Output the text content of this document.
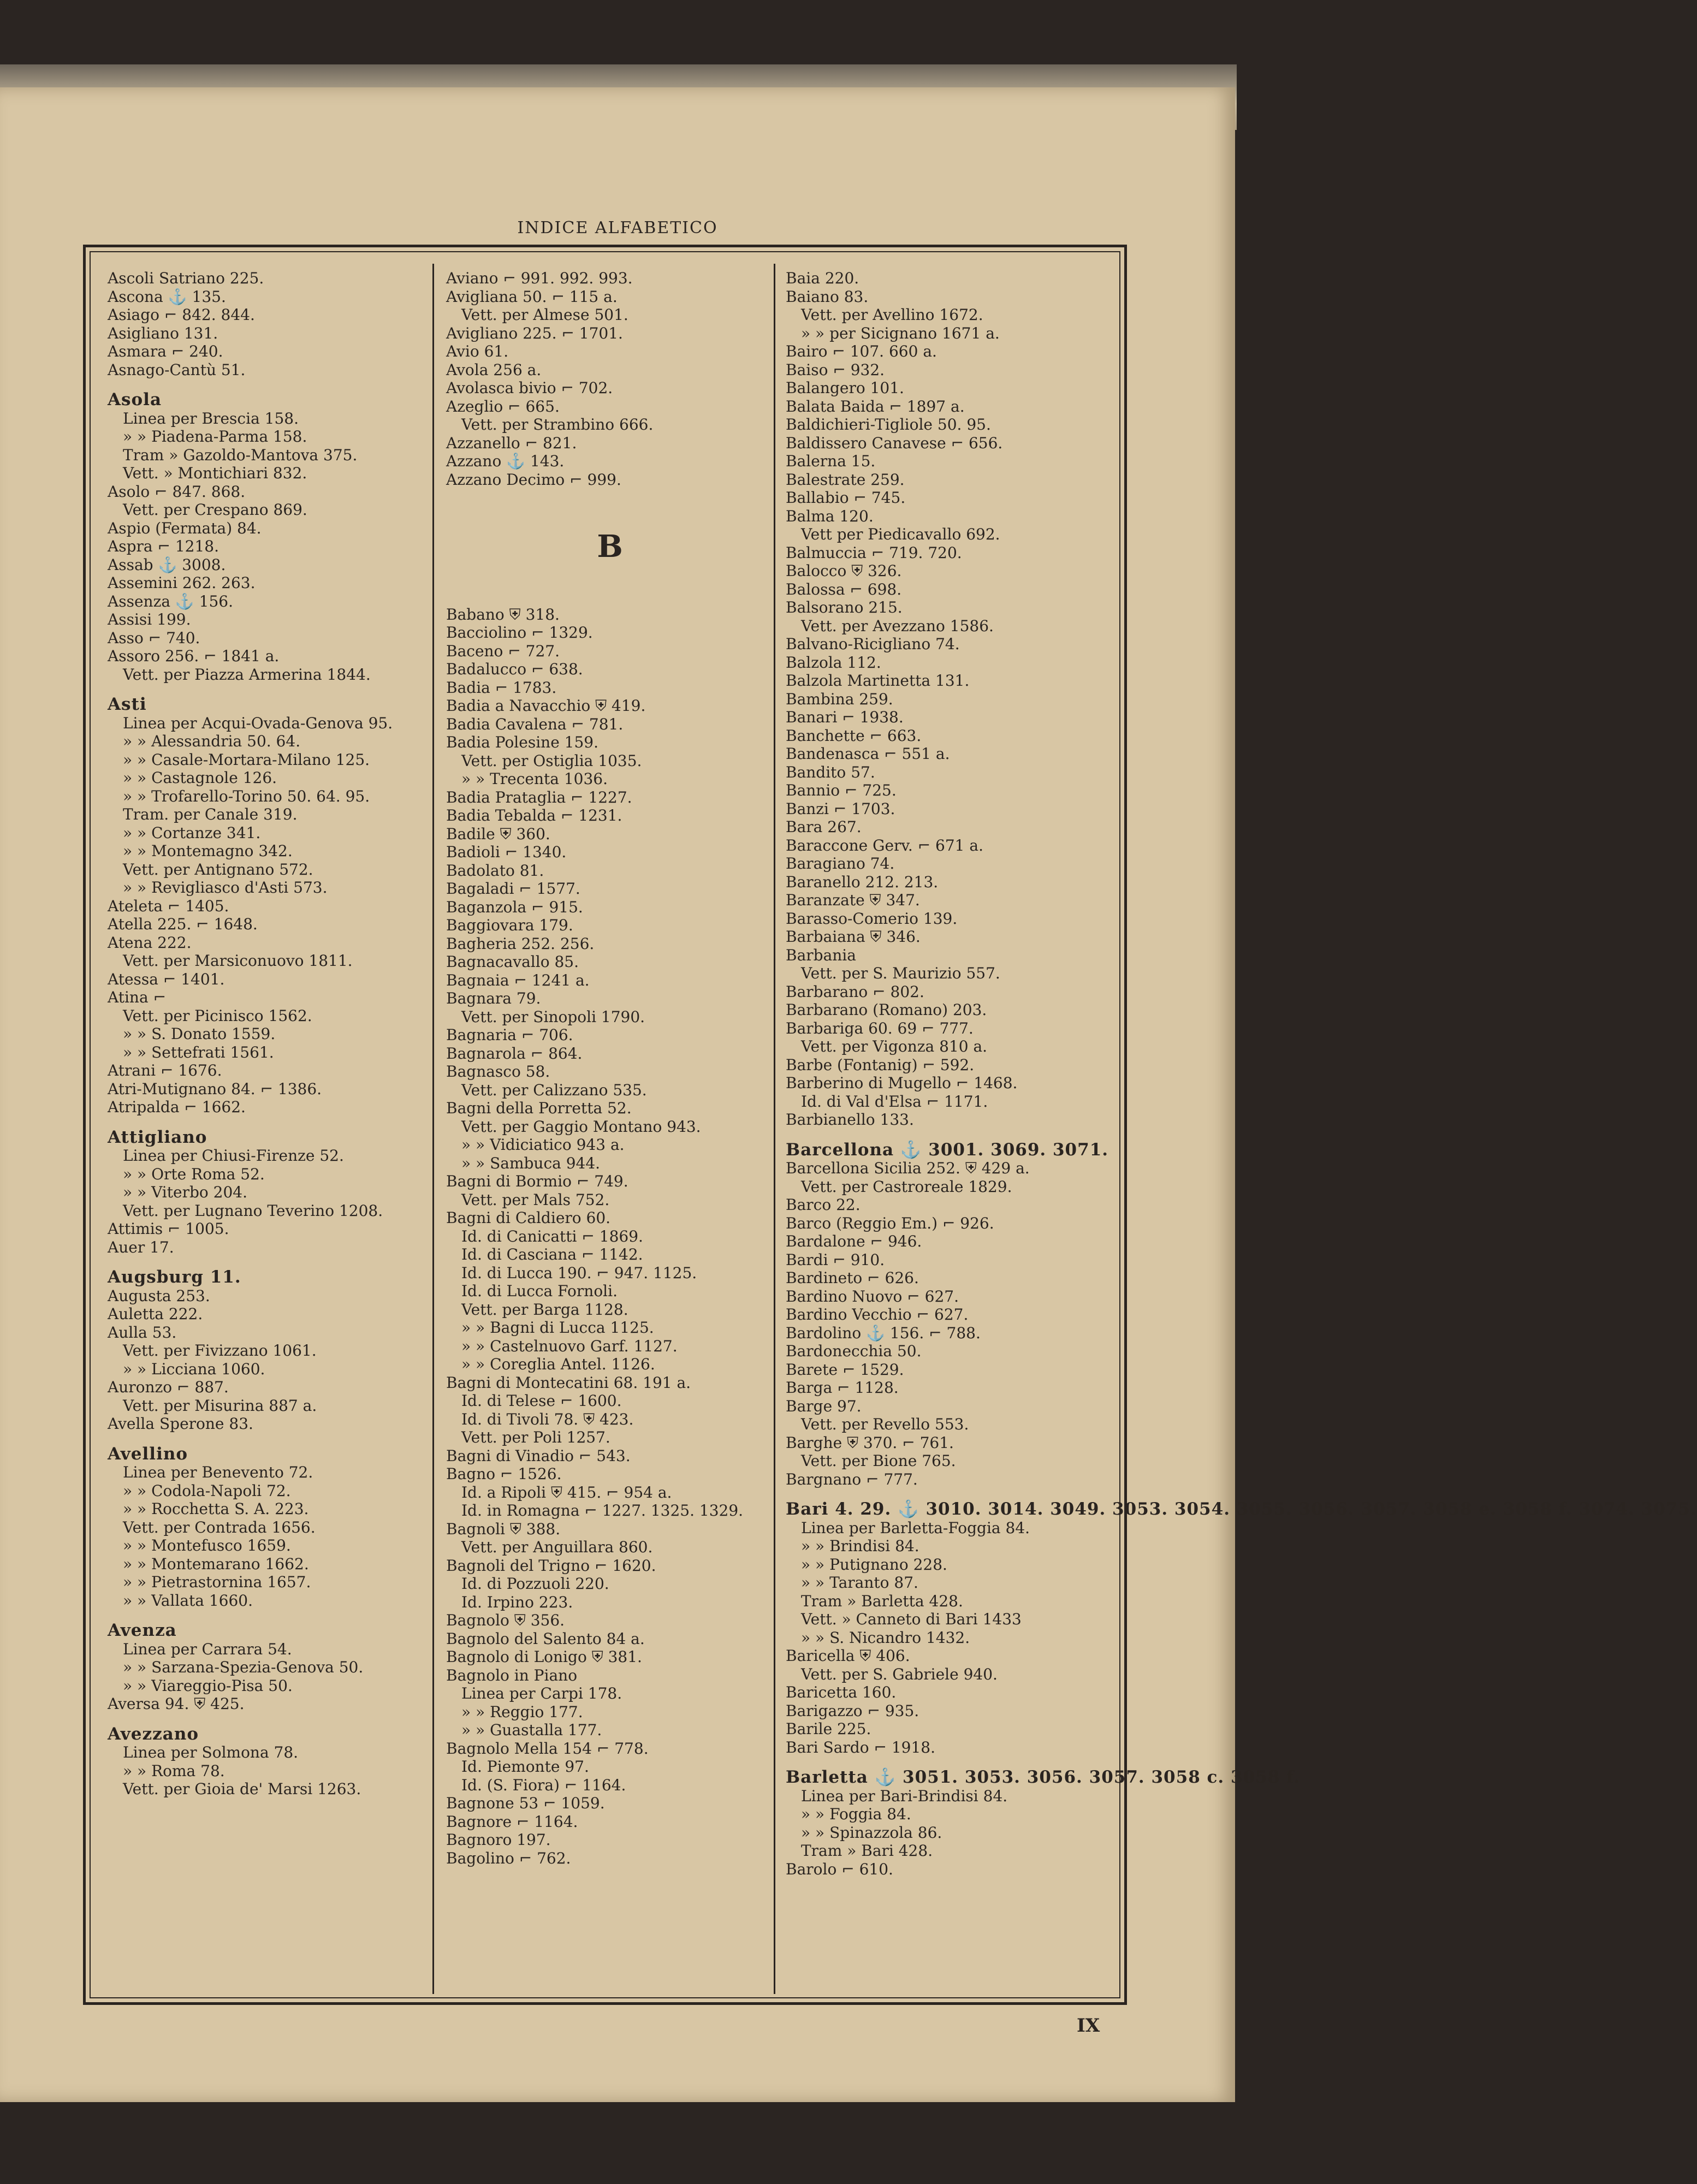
INDICE ALFABETICO
Ascoli Satriano 225.
Ascona ⚓ 135.
Asiago ⌐ 842. 844.
Asigliano 131.
Asmara ⌐ 240.
Asnago-Cantù 51.
Asola
Linea per Brescia 158.
» » Piadena-Parma 158.
Tram » Gazoldo-Mantova 375.
Vett. » Montichiari 832.
Asolo ⌐ 847. 868.
Vett. per Crespano 869.
Aspio (Fermata) 84.
Aspra ⌐ 1218.
Assab ⚓ 3008.
Assemini 262. 263.
Assenza ⚓ 156.
Assisi 199.
Asso ⌐ 740.
Assoro 256. ⌐ 1841 a.
Vett. per Piazza Armerina 1844.
Asti
Linea per Acqui-Ovada-Genova 95.
» » Alessandria 50. 64.
» » Casale-Mortara-Milano 125.
» » Castagnole 126.
» » Trofarello-Torino 50. 64. 95.
Tram. per Canale 319.
» » Cortanze 341.
» » Montemagno 342.
Vett. per Antignano 572.
» » Revigliasco d'Asti 573.
Ateleta ⌐ 1405.
Atella 225. ⌐ 1648.
Atena 222.
Vett. per Marsiconuovo 1811.
Atessa ⌐ 1401.
Atina ⌐
Vett. per Picinisco 1562.
» » S. Donato 1559.
» » Settefrati 1561.
Atrani ⌐ 1676.
Atri-Mutignano 84. ⌐ 1386.
Atripalda ⌐ 1662.
Attigliano
Linea per Chiusi-Firenze 52.
» » Orte Roma 52.
» » Viterbo 204.
Vett. per Lugnano Teverino 1208.
Attimis ⌐ 1005.
Auer 17.
Augsburg 11.
Augusta 253.
Auletta 222.
Aulla 53.
Vett. per Fivizzano 1061.
» » Licciana 1060.
Auronzo ⌐ 887.
Vett. per Misurina 887 a.
Avella Sperone 83.
Avellino
Linea per Benevento 72.
» » Codola-Napoli 72.
» » Rocchetta S. A. 223.
Vett. per Contrada 1656.
» » Montefusco 1659.
» » Montemarano 1662.
» » Pietrastornina 1657.
» » Vallata 1660.
Avenza
Linea per Carrara 54.
» » Sarzana-Spezia-Genova 50.
» » Viareggio-Pisa 50.
Aversa 94. ⛨ 425.
Avezzano
Linea per Solmona 78.
» » Roma 78.
Vett. per Gioia de' Marsi 1263.
Aviano ⌐ 991. 992. 993.
Avigliana 50. ⌐ 115 a.
Vett. per Almese 501.
Avigliano 225. ⌐ 1701.
Avio 61.
Avola 256 a.
Avolasca bivio ⌐ 702.
Azeglio ⌐ 665.
Vett. per Strambino 666.
Azzanello ⌐ 821.
Azzano ⚓ 143.
Azzano Decimo ⌐ 999.
B
Babano ⛨ 318.
Bacciolino ⌐ 1329.
Baceno ⌐ 727.
Badalucco ⌐ 638.
Badia ⌐ 1783.
Badia a Navacchio ⛨ 419.
Badia Cavalena ⌐ 781.
Badia Polesine 159.
Vett. per Ostiglia 1035.
» » Trecenta 1036.
Badia Prataglia ⌐ 1227.
Badia Tebalda ⌐ 1231.
Badile ⛨ 360.
Badioli ⌐ 1340.
Badolato 81.
Bagaladi ⌐ 1577.
Baganzola ⌐ 915.
Baggiovara 179.
Bagheria 252. 256.
Bagnacavallo 85.
Bagnaia ⌐ 1241 a.
Bagnara 79.
Vett. per Sinopoli 1790.
Bagnaria ⌐ 706.
Bagnarola ⌐ 864.
Bagnasco 58.
Vett. per Calizzano 535.
Bagni della Porretta 52.
Vett. per Gaggio Montano 943.
» » Vidiciatico 943 a.
» » Sambuca 944.
Bagni di Bormio ⌐ 749.
Vett. per Mals 752.
Bagni di Caldiero 60.
Id. di Canicatti ⌐ 1869.
Id. di Casciana ⌐ 1142.
Id. di Lucca 190. ⌐ 947. 1125.
Id. di Lucca Fornoli.
Vett. per Barga 1128.
» » Bagni di Lucca 1125.
» » Castelnuovo Garf. 1127.
» » Coreglia Antel. 1126.
Bagni di Montecatini 68. 191 a.
Id. di Telese ⌐ 1600.
Id. di Tivoli 78. ⛨ 423.
Vett. per Poli 1257.
Bagni di Vinadio ⌐ 543.
Bagno ⌐ 1526.
Id. a Ripoli ⛨ 415. ⌐ 954 a.
Id. in Romagna ⌐ 1227. 1325. 1329.
Bagnoli ⛨ 388.
Vett. per Anguillara 860.
Bagnoli del Trigno ⌐ 1620.
Id. di Pozzuoli 220.
Id. Irpino 223.
Bagnolo ⛨ 356.
Bagnolo del Salento 84 a.
Bagnolo di Lonigo ⛨ 381.
Bagnolo in Piano
Linea per Carpi 178.
» » Reggio 177.
» » Guastalla 177.
Bagnolo Mella 154 ⌐ 778.
Id. Piemonte 97.
Id. (S. Fiora) ⌐ 1164.
Bagnone 53 ⌐ 1059.
Bagnore ⌐ 1164.
Bagnoro 197.
Bagolino ⌐ 762.
Baia 220.
Baiano 83.
Vett. per Avellino 1672.
» » per Sicignano 1671 a.
Bairo ⌐ 107. 660 a.
Baiso ⌐ 932.
Balangero 101.
Balata Baida ⌐ 1897 a.
Baldichieri-Tigliole 50. 95.
Baldissero Canavese ⌐ 656.
Balerna 15.
Balestrate 259.
Ballabio ⌐ 745.
Balma 120.
Vett per Piedicavallo 692.
Balmuccia ⌐ 719. 720.
Balocco ⛨ 326.
Balossa ⌐ 698.
Balsorano 215.
Vett. per Avezzano 1586.
Balvano-Ricigliano 74.
Balzola 112.
Balzola Martinetta 131.
Bambina 259.
Banari ⌐ 1938.
Banchette ⌐ 663.
Bandenasca ⌐ 551 a.
Bandito 57.
Bannio ⌐ 725.
Banzi ⌐ 1703.
Bara 267.
Baraccone Gerv. ⌐ 671 a.
Baragiano 74.
Baranello 212. 213.
Baranzate ⛨ 347.
Barasso-Comerio 139.
Barbaiana ⛨ 346.
Barbania
Vett. per S. Maurizio 557.
Barbarano ⌐ 802.
Barbarano (Romano) 203.
Barbariga 60. 69 ⌐ 777.
Vett. per Vigonza 810 a.
Barbe (Fontanig) ⌐ 592.
Barberino di Mugello ⌐ 1468.
Id. di Val d'Elsa ⌐ 1171.
Barbianello 133.
Barcellona ⚓ 3001. 3069. 3071.
Barcellona Sicilia 252. ⛨ 429 a.
Vett. per Castroreale 1829.
Barco 22.
Barco (Reggio Em.) ⌐ 926.
Bardalone ⌐ 946.
Bardi ⌐ 910.
Bardineto ⌐ 626.
Bardino Nuovo ⌐ 627.
Bardino Vecchio ⌐ 627.
Bardolino ⚓ 156. ⌐ 788.
Bardonecchia 50.
Barete ⌐ 1529.
Barga ⌐ 1128.
Barge 97.
Vett. per Revello 553.
Barghe ⛨ 370. ⌐ 761.
Vett. per Bione 765.
Bargnano ⌐ 777.
Bari 4. 29. ⚓ 3010. 3014. 3049. 3053. 3054. 3055. 3056. 3057. 3058 e. 3058 f. 3074. 3075.
Linea per Barletta-Foggia 84.
» » Brindisi 84.
» » Putignano 228.
» » Taranto 87.
Tram » Barletta 428.
Vett. » Canneto di Bari 1433
» » S. Nicandro 1432.
Baricella ⛨ 406.
Vett. per S. Gabriele 940.
Baricetta 160.
Barigazzo ⌐ 935.
Barile 225.
Bari Sardo ⌐ 1918.
Barletta ⚓ 3051. 3053. 3056. 3057. 3058 c. 3058 f.
Linea per Bari-Brindisi 84.
» » Foggia 84.
» » Spinazzola 86.
Tram » Bari 428.
Barolo ⌐ 610.
IX
